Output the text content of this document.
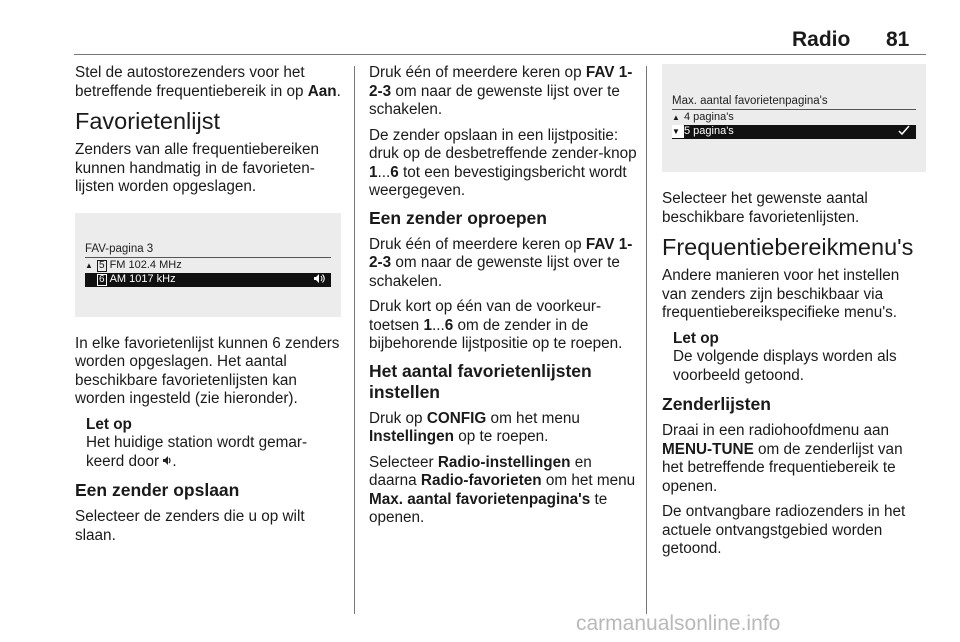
Radio 81

Stel de autostorezenders voor het betreffende frequentiebereik in op Aan.

Favorietenlijst

Zenders van alle frequentiebereiken kunnen handmatig in de favorieten-lijsten worden opgeslagen.

FAV-pagina 3
▲ 5 FM 102.4 MHz
6 AM 1017 kHz

In elke favorietenlijst kunnen 6 zenders worden opgeslagen. Het aantal beschikbare favorietenlijsten kan worden ingesteld (zie hieronder).

Let op
Het huidige station wordt gemar-keerd door .
Een zender opslaan

Selecteer de zenders die u op wilt slaan.

Druk één of meerdere keren op FAV 1-2-3 om naar de gewenste lijst over te schakelen.

De zender opslaan in een lijstpositie: druk op de desbetreffende zender-knop 1...6 tot een bevestigingsbericht wordt weergegeven.

Een zender oproepen

Druk één of meerdere keren op FAV 1-2-3 om naar de gewenste lijst over te schakelen.

Druk kort op één van de voorkeur-toetsen 1...6 om de zender in de bijbehorende lijstpositie op te roepen.

Het aantal favorietenlijsten instellen

Druk op CONFIG om het menu Instellingen op te roepen.

Selecteer Radio-instellingen en daarna Radio-favorieten om het menu Max. aantal favorietenpagina's te openen.

Max. aantal favorietenpagina's
▲ 4 pagina's
▼ 5 pagina's

Selecteer het gewenste aantal beschikbare favorietenlijsten.

Frequentiebereikmenu's

Andere manieren voor het instellen van zenders zijn beschikbaar via frequentiebereikspecifieke menu's.

Let op
De volgende displays worden als voorbeeld getoond.
Zenderlijsten

Draai in een radiohoofdmenu aan MENU-TUNE om de zenderlijst van het betreffende frequentiebereik te openen.

De ontvangbare radiozenders in het actuele ontvangstgebied worden getoond.

carmanualsonline.info
